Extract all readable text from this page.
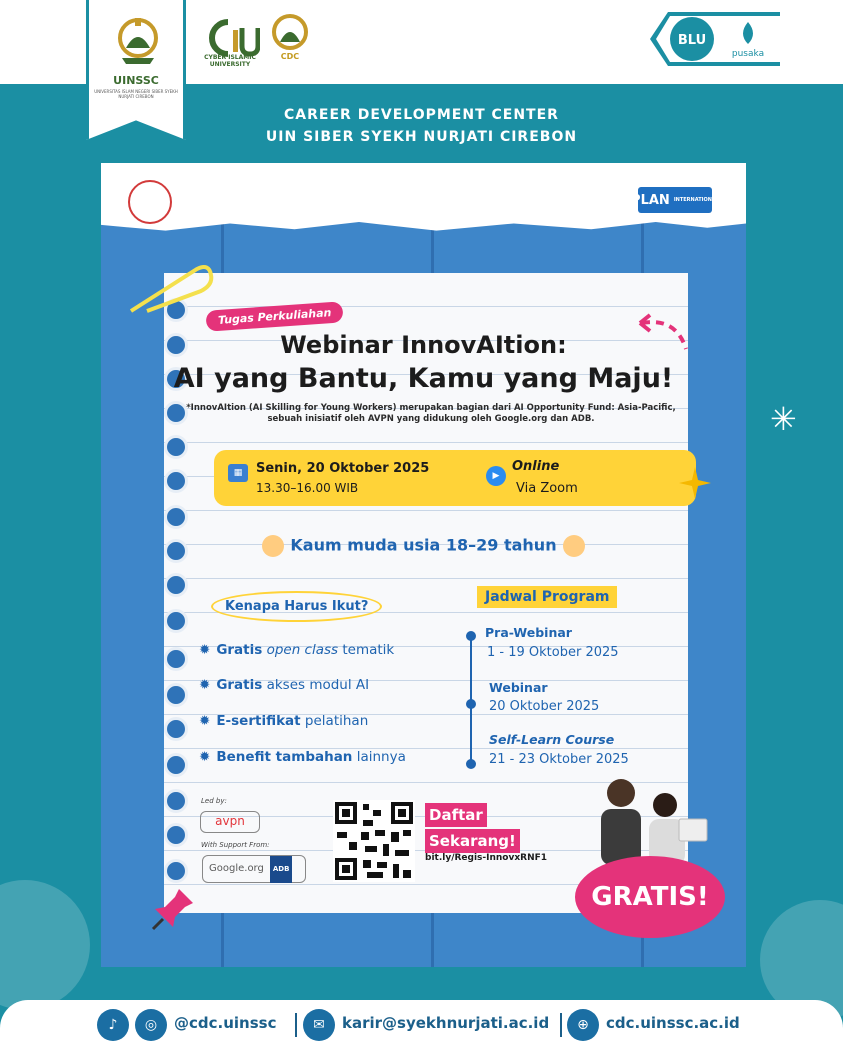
✳
UINSSC
UNIVERSITAS ISLAM NEGERI SIBER SYEKH NURJATI CIREBON
CYBER ISLAMIC UNIVERSITY
CDC
BLU
pusaka
CAREER DEVELOPMENT CENTER
UIN SIBER SYEKH NURJATI CIREBON
PLAN INTERNATIONAL
Tugas Perkuliahan
Webinar InnovAItion:
AI yang Bantu, Kamu yang Maju!
*InnovAItion (AI Skilling for Young Workers) merupakan bagian dari AI Opportunity Fund: Asia-Pacific, sebuah inisiatif oleh AVPN yang didukung oleh Google.org dan ADB.
▦	Senin, 20 Oktober 2025
13.30–16.00 WIB
▶
Online
Via Zoom
Kaum muda usia 18–29 tahun
Kenapa Harus Ikut?
Jadwal Program
✹ Gratis open class tematik
✹ Gratis akses modul AI
✹ E-sertifikat pelatihan
✹ Benefit tambahan lainnya
Pra-Webinar
1 - 19 Oktober 2025
Webinar
20 Oktober 2025
Self-Learn Course
21 - 23 Oktober 2025
Led by:
avpn
With Support From:
Google.org ADB
Daftar
Sekarang!
bit.ly/Regis-InnovxRNF1
GRATIS!
♪	◎	@cdc.uinssc	✉	karir@syekhnurjati.ac.id	⊕	cdc.uinssc.ac.id
